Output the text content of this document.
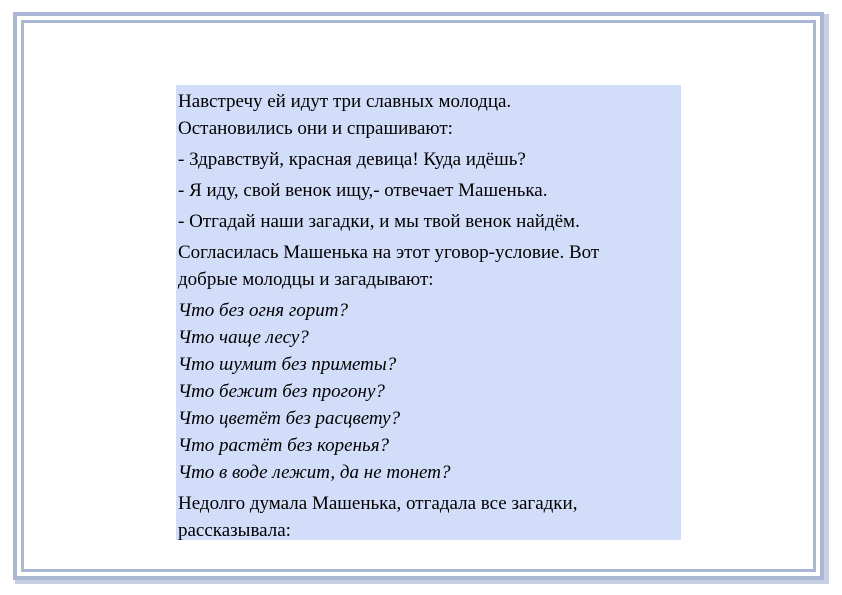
Навстречу ей идут три славных молодца.
Остановились они и спрашивают:
- Здравствуй, красная девица! Куда идёшь?
- Я иду, свой венок ищу,- отвечает Машенька.
- Отгадай наши загадки, и мы твой венок найдём.
Согласилась Машенька на этот уговор-условие. Вот
добрые молодцы и загадывают:
Что без огня горит?
Что чаще лесу?
Что шумит без приметы?
Что бежит без прогону?
Что цветёт без расцвету?
Что растёт без коренья?
Что в воде лежит, да не тонет?
Недолго думала Машенька, отгадала все загадки,
рассказывала:
